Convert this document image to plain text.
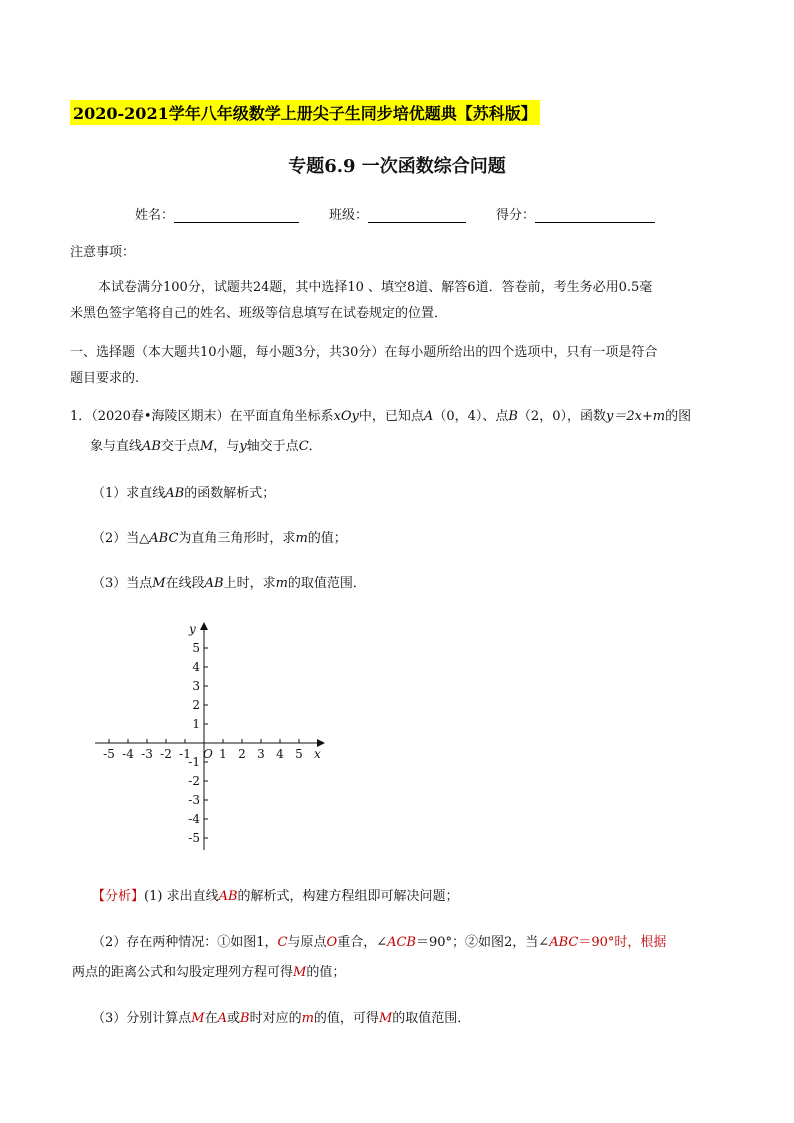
2020-2021学年八年级数学上册尖子生同步培优题典【苏科版】
专题6.9 一次函数综合问题
姓名：	班级：	得分：
注意事项：
本试卷满分100分，试题共24题，其中选择10 、填空8道、解答6道．答卷前，考生务必用0.5毫
米黑色签字笔将自己的姓名、班级等信息填写在试卷规定的位置．
一、选择题（本大题共10小题，每小题3分，共30分）在每小题所给出的四个选项中，只有一项是符合
题目要求的.
1．（2020春•海陵区期末）在平面直角坐标系xOy中，已知点A（0，4）、点B（2，0），函数y＝2x+m的图
象与直线AB交于点M，与y轴交于点C．
（1）求直线AB的函数解析式；
（2）当△ABC为直角三角形时，求m的值；
（3）当点M在线段AB上时，求m的取值范围．
x
y
O
-5 -4 -3 -2 -1 1 2 3 4 5
5
4
3
2
1
-1
-2
-3
-4
-5
【分析】(1) 求出直线AB的解析式，构建方程组即可解决问题；
（2）存在两种情况：①如图1，C与原点O重合，∠ACB＝90°；②如图2，当∠ABC＝90°时，根据
两点的距离公式和勾股定理列方程可得M的值；
（3）分别计算点M在A或B时对应的m的值，可得M的取值范围．
